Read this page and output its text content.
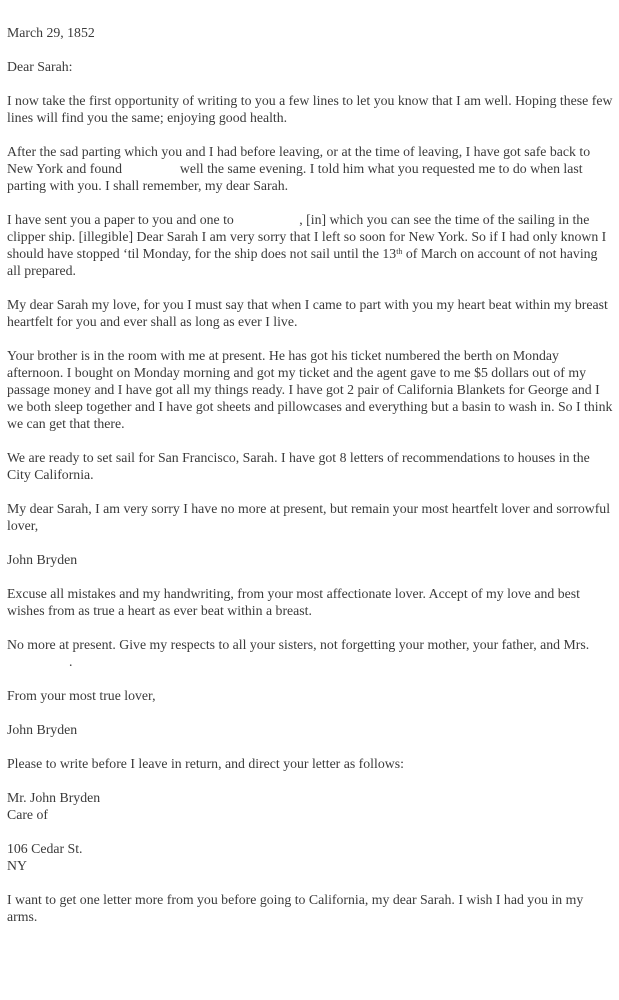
March 29, 1852

Dear Sarah:

I now take the first opportunity of writing to you a few lines to let you know that I am well. Hoping these few lines will find you the same; enjoying good health.

After the sad parting which you and I had before leaving, or at the time of leaving, I have got safe back to New York and found	well the same evening. I told him what you requested me to do when last parting with you. I shall remember, my dear Sarah.

I have sent you a paper to you and one to	, [in] which you can see the time of the sailing in the clipper ship. [illegible] Dear Sarah I am very sorry that I left so soon for New York. So if I had only known I should have stopped ‘til Monday, for the ship does not sail until the 13th of March on account of not having all prepared.

My dear Sarah my love, for you I must say that when I came to part with you my heart beat within my breast heartfelt for you and ever shall as long as ever I live.

Your brother is in the room with me at present. He has got his ticket numbered the berth on Monday afternoon. I bought on Monday morning and got my ticket and the agent gave to me $5 dollars out of my passage money and I have got all my things ready. I have got 2 pair of California Blankets for George and I we both sleep together and I have got sheets and pillowcases and everything but a basin to wash in. So I think we can get that there.

We are ready to set sail for San Francisco, Sarah. I have got 8 letters of recommendations to houses in the City California.

My dear Sarah, I am very sorry I have no more at present, but remain your most heartfelt lover and sorrowful lover,

John Bryden

Excuse all mistakes and my handwriting, from your most affectionate lover. Accept of my love and best wishes from as true a heart as ever beat within a breast.

No more at present. Give my respects to all your sisters, not forgetting your mother, your father, and Mrs..

From your most true lover,

John Bryden

Please to write before I leave in return, and direct your letter as follows:

Mr. John Bryden
Care of

106 Cedar St.
NY

I want to get one letter more from you before going to California, my dear Sarah. I wish I had you in my arms.
